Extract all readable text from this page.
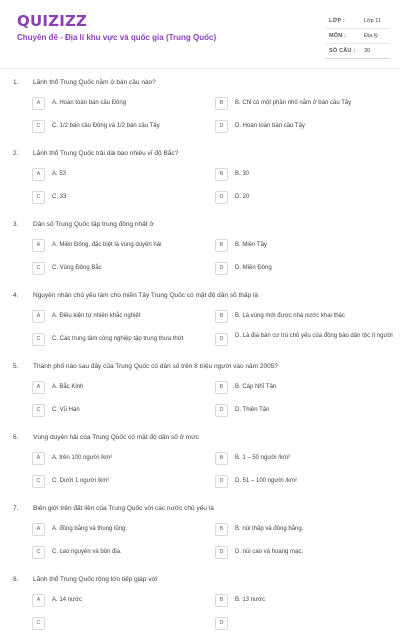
QUIZIZZ
Chuyên đề - Địa lí khu vực và quốc gia (Trung Quốc)
LỚP :	Lớp 11
MÔN :	Địa lý
SỐ CÂU : 30
1. Lãnh thổ Trung Quốc nằm ở bán cầu nào?
A	A. Hoàn toàn bán cầu Đông	B	B. Chỉ có một phần nhỏ nằm ở bán cầu Tây
C	C. 1/2 bán cầu Đông và 1/2 bán cầu Tây	D	D. Hoàn toàn bán cầu Tây
2. Lãnh thổ Trung Quốc trải dài bao nhiêu vĩ độ Bắc?
A	A. 53	B	B. 30
C	C. 33	D	D. 20
3. Dân số Trung Quốc tập trung đông nhất ở
A	A. Miền Đông, đặc biệt là vùng duyên hải	B	B. Miền Tây
C	C. Vùng Đông Bắc	D	D. Miền Đông
4. Nguyên nhân chủ yếu làm cho miền Tây Trung Quốc có mật độ dân số thấp là
A	A. Điều kiện tự nhiên khắc nghiệt	B	B. Là vùng mới được nhà nước khai thác
C	C. Các trung tâm công nghiệp tập trung thưa thớt	D	D. Là địa bàn cư trú chủ yếu của đồng bào dân tộc ít người
5. Thành phố nào sau đây của Trung Quốc có dân số trên 8 triệu người vào năm 2005?
A	A. Bắc Kinh	B	B. Cáp Nhĩ Tân
C	C. Vũ Hán	D	D. Thiên Tân
6. Vùng duyên hải của Trung Quốc có mật độ dân số ở mức
A	A. trên 100 người /km²	B	B. 1 – 50 người /km²
C	C. Dưới 1 người /km²	D	D. 51 – 100 người /km²
7. Biên giới trên đất liền của Trung Quốc với các nước chủ yếu là
A	A. đồng bằng và thung lũng.	B	B. núi thấp và đồng bằng.
C	C. cao nguyên và bồn địa.	D	D. núi cao và hoang mạc.
8. Lãnh thổ Trung Quốc rộng lớn tiếp giáp với
A	A. 14 nước	B	B. 13 nước
C	D
